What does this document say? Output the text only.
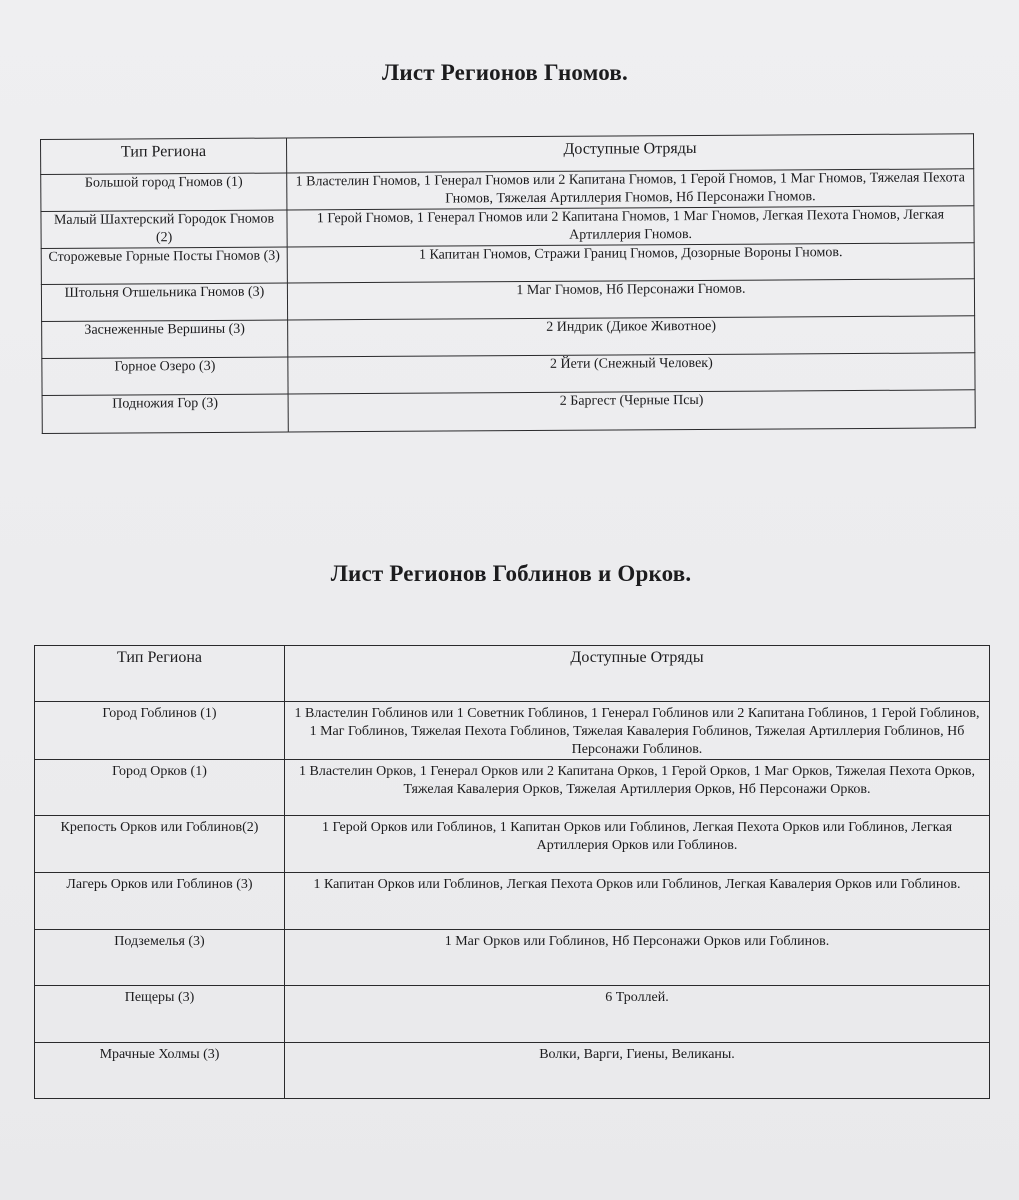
Лист Регионов Гномов.
Тип Региона	Доступные Отряды
Большой город Гномов (1)	1 Властелин Гномов, 1 Генерал Гномов или 2 Капитана Гномов, 1 Герой Гномов, 1 Маг Гномов, Тяжелая Пехота Гномов, Тяжелая Артиллерия Гномов, Нб Персонажи Гномов.
Малый Шахтерский Городок Гномов (2)	1 Герой Гномов, 1 Генерал Гномов или 2 Капитана Гномов, 1 Маг Гномов, Легкая Пехота Гномов, Легкая Артиллерия Гномов.
Сторожевые Горные Посты Гномов (3)	1 Капитан Гномов, Стражи Границ Гномов, Дозорные Вороны Гномов.
Штольня Отшельника Гномов (3)	1 Маг Гномов, Нб Персонажи Гномов.
Заснеженные Вершины (3)	2 Индрик (Дикое Животное)
Горное Озеро (3)	2 Йети (Снежный Человек)
Подножия Гор (3)	2 Баргест (Черные Псы)
Лист Регионов Гоблинов и Орков.
Тип Региона	Доступные Отряды
Город Гоблинов (1)	1 Властелин Гоблинов или 1 Советник Гоблинов, 1 Генерал Гоблинов или 2 Капитана Гоблинов, 1 Герой Гоблинов, 1 Маг Гоблинов, Тяжелая Пехота Гоблинов, Тяжелая Кавалерия Гоблинов, Тяжелая Артиллерия Гоблинов, Нб Персонажи Гоблинов.
Город Орков (1)	1 Властелин Орков, 1 Генерал Орков или 2 Капитана Орков, 1 Герой Орков, 1 Маг Орков, Тяжелая Пехота Орков, Тяжелая Кавалерия Орков, Тяжелая Артиллерия Орков, Нб Персонажи Орков.
Крепость Орков или Гоблинов(2)	1 Герой Орков или Гоблинов, 1 Капитан Орков или Гоблинов, Легкая Пехота Орков или Гоблинов, Легкая Артиллерия Орков или Гоблинов.
Лагерь Орков или Гоблинов (3)	1 Капитан Орков или Гоблинов, Легкая Пехота Орков или Гоблинов, Легкая Кавалерия Орков или Гоблинов.
Подземелья (3)	1 Маг Орков или Гоблинов, Нб Персонажи Орков или Гоблинов.
Пещеры (3)	6 Троллей.
Мрачные Холмы (3)	Волки, Варги, Гиены, Великаны.
